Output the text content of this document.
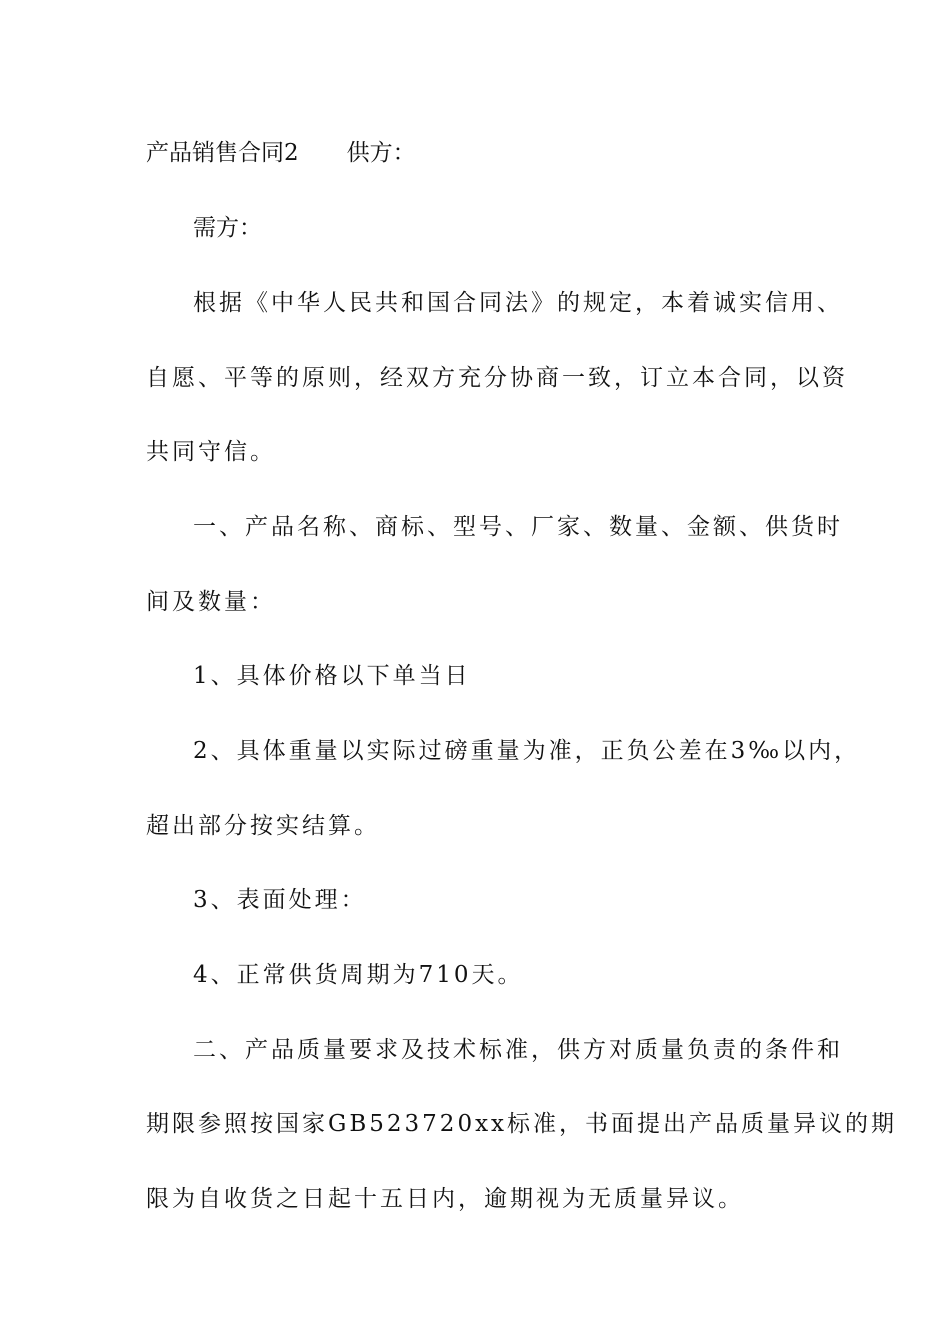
产品销售合同2 供方：
需方：
根据《中华人民共和国合同法》的规定，本着诚实信用、
自愿、平等的原则，经双方充分协商一致，订立本合同，以资
共同守信。
一、产品名称、商标、型号、厂家、数量、金额、供货时
间及数量：
1、具体价格以下单当日
2、具体重量以实际过磅重量为准，正负公差在3‰以内，
超出部分按实结算。
3、表面处理：
4、正常供货周期为710天。
二、产品质量要求及技术标准，供方对质量负责的条件和
期限参照按国家GB523720xx标准，书面提出产品质量异议的期
限为自收货之日起十五日内，逾期视为无质量异议。
